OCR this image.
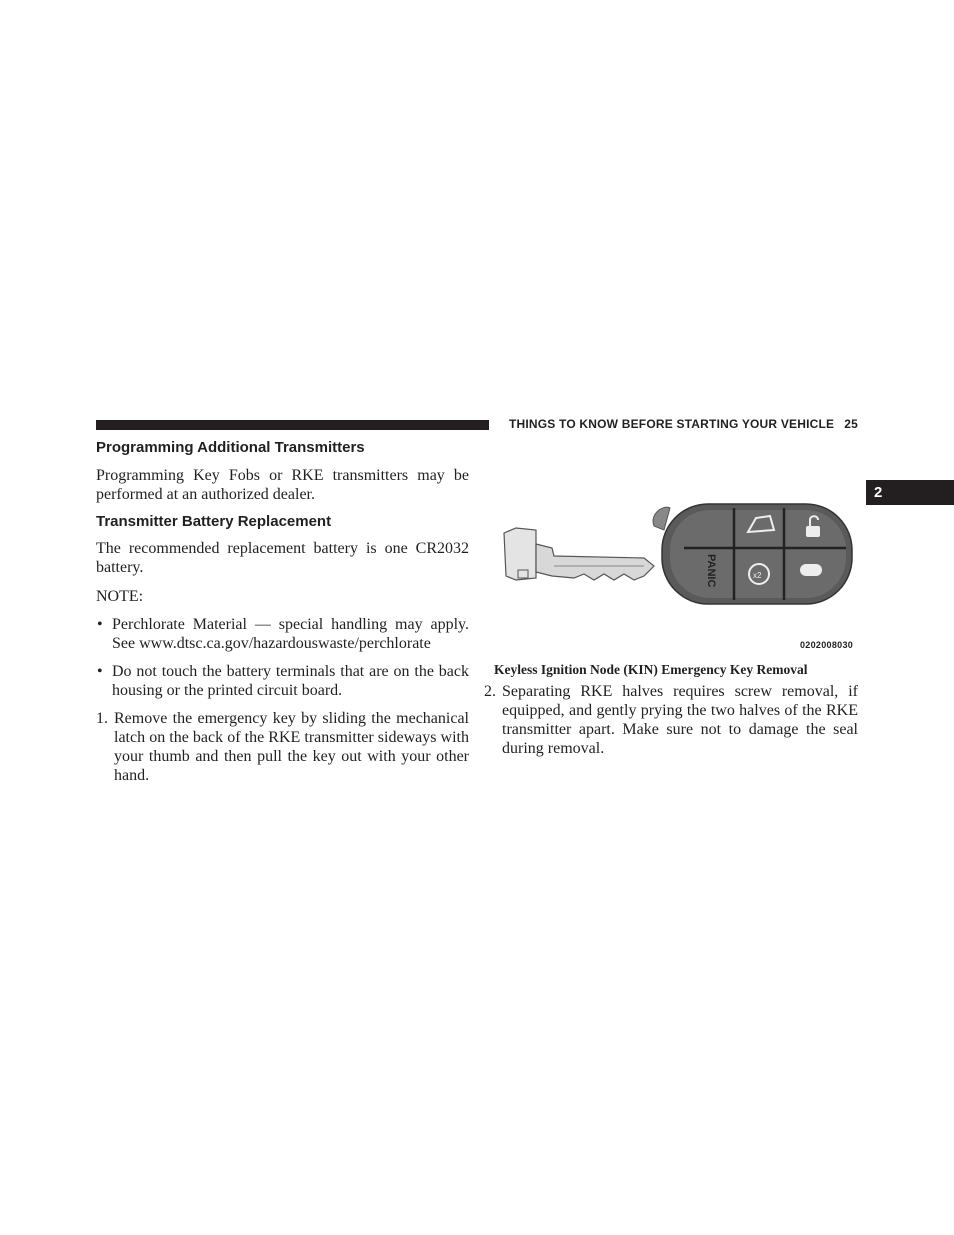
THINGS TO KNOW BEFORE STARTING YOUR VEHICLE 25
2
Programming Additional Transmitters

Programming Key Fobs or RKE transmitters may be performed at an authorized dealer.

Transmitter Battery Replacement

The recommended replacement battery is one CR2032 battery.

NOTE:
• Perchlorate Material — special handling may apply. See www.dtsc.ca.gov/hazardouswaste/perchlorate
• Do not touch the battery terminals that are on the back housing or the printed circuit board.
1. Remove the emergency key by sliding the mechanical latch on the back of the RKE transmitter sideways with your thumb and then pull the key out with your other hand.
PANIC	x2
0202008030
Keyless Ignition Node (KIN) Emergency Key Removal
2. Separating RKE halves requires screw removal, if equipped, and gently prying the two halves of the RKE transmitter apart. Make sure not to damage the seal during removal.
